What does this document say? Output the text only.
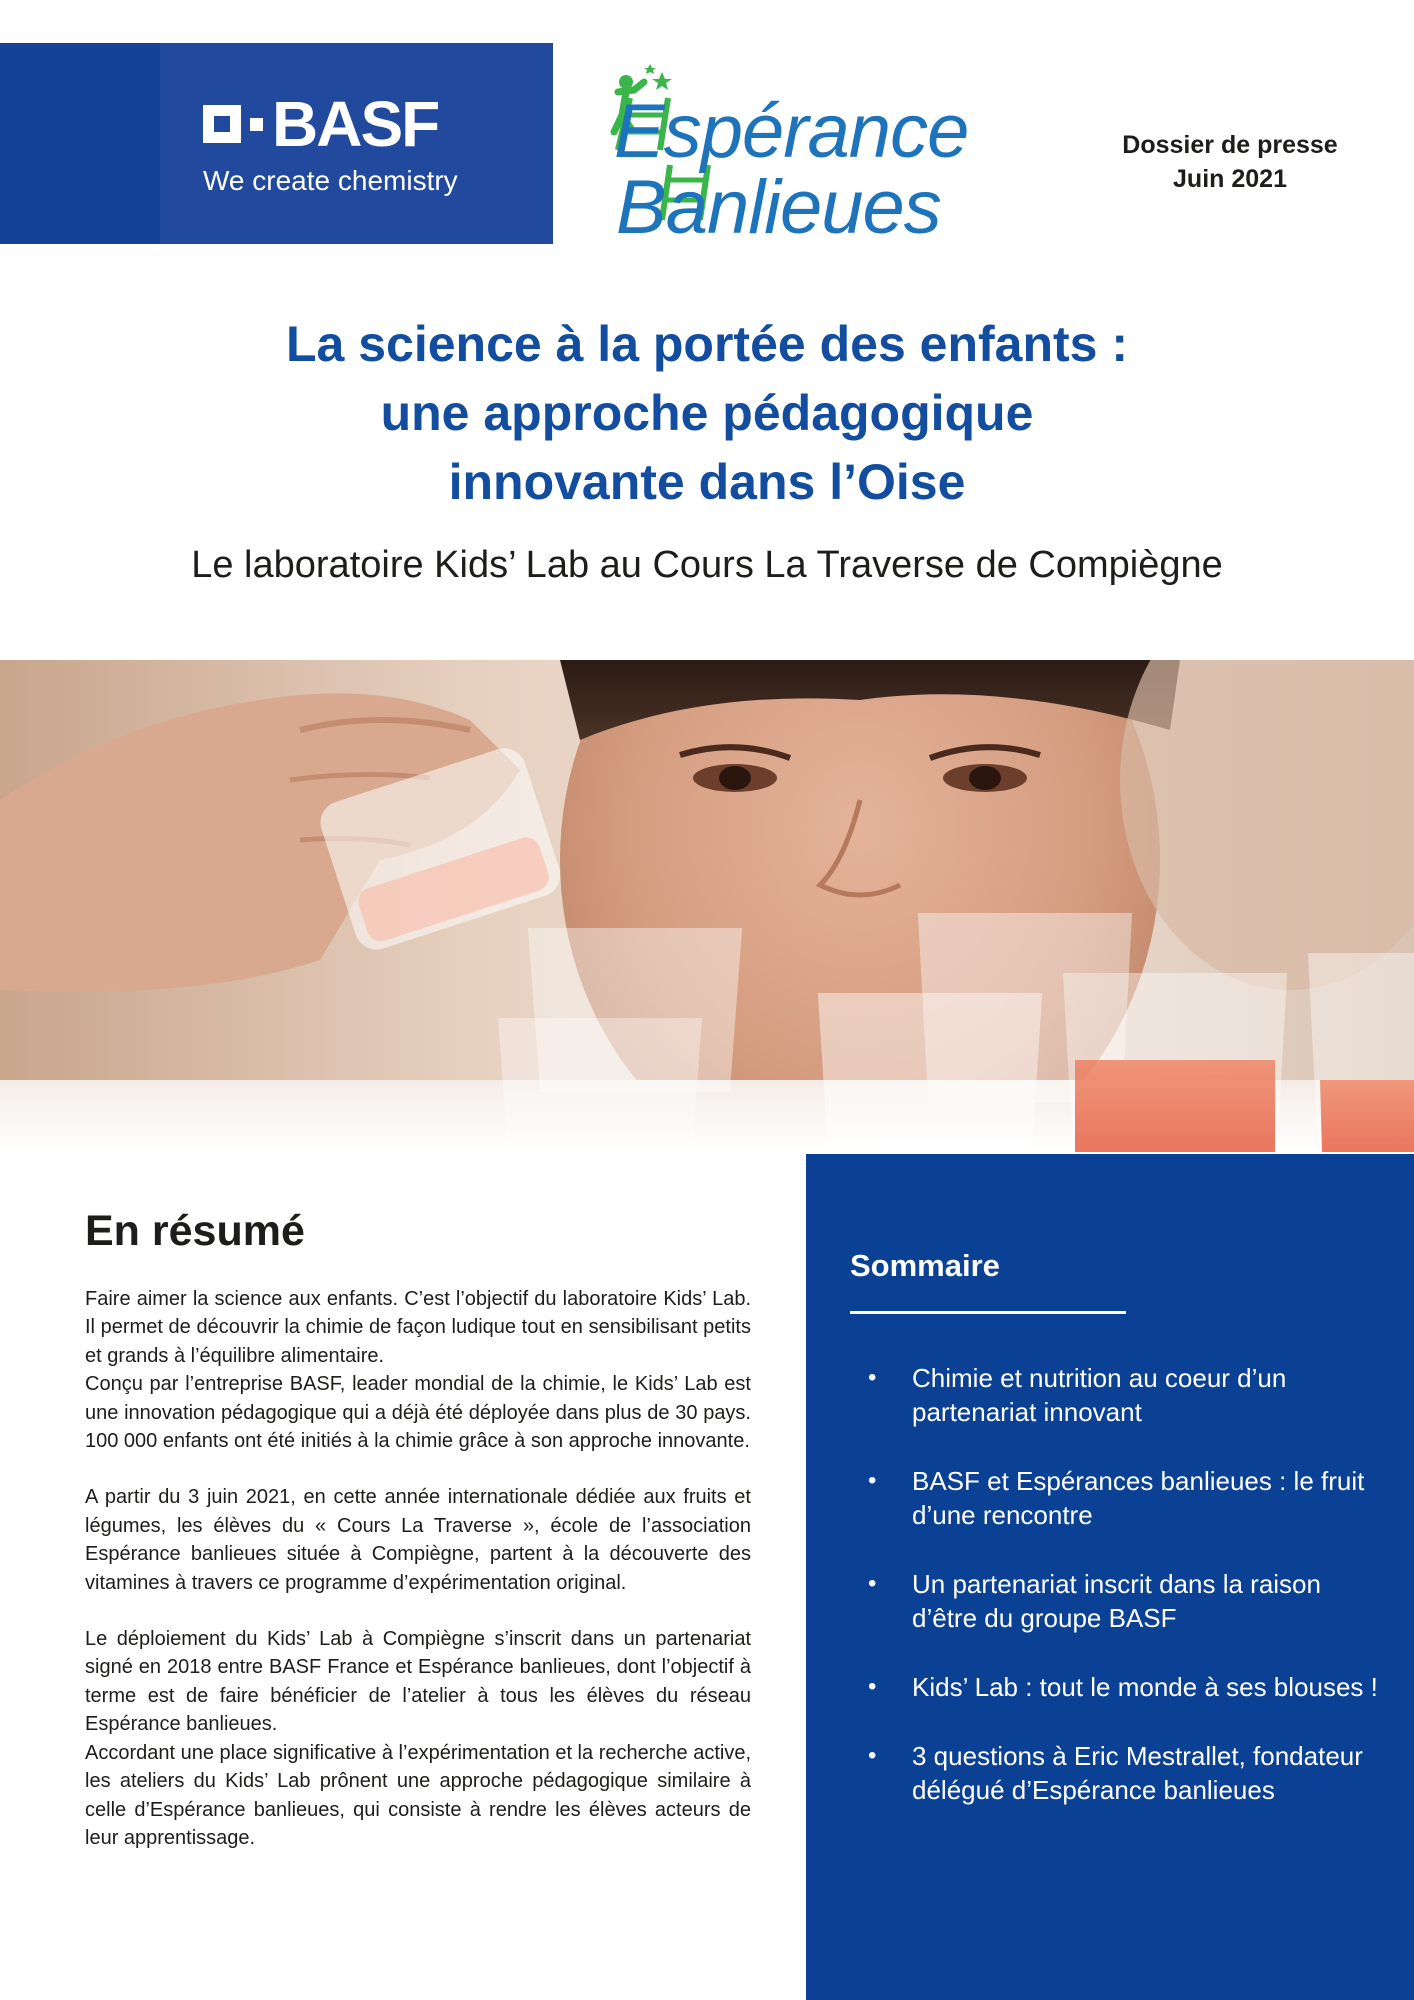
BASF
We create chemistry
Espérance
Banlieues
Dossier de presse
Juin 2021
La science à la portée des enfants :
une approche pédagogique
innovante dans l’Oise
Le laboratoire Kids’ Lab au Cours La Traverse de Compiègne
En résumé

Faire aimer la science aux enfants. C’est l’objectif du laboratoire Kids’ Lab. Il permet de découvrir la chimie de façon ludique tout en sensibilisant petits et grands à l’équilibre alimentaire.

Conçu par l’entreprise BASF, leader mondial de la chimie, le Kids’ Lab est une innovation pédagogique qui a déjà été déployée dans plus de 30 pays. 100 000 enfants ont été initiés à la chimie grâce à son approche innovante.

A partir du 3 juin 2021, en cette année internationale dédiée aux fruits et légumes, les élèves du « Cours La Traverse », école de l’association Espérance banlieues située à Compiègne, partent à la découverte des vitamines à travers ce programme d’expérimentation original.

Le déploiement du Kids’ Lab à Compiègne s’inscrit dans un partenariat signé en 2018 entre BASF France et Espérance banlieues, dont l’objectif à terme est de faire bénéficier de l’atelier à tous les élèves du réseau Espérance banlieues.

Accordant une place significative à l’expérimentation et la recherche active, les ateliers du Kids’ Lab prônent une approche pédagogique similaire à celle d’Espérance banlieues, qui consiste à rendre les élèves acteurs de leur apprentissage.

Sommaire
• Chimie et nutrition au coeur d’un partenariat innovant
• BASF et Espérances banlieues : le fruit d’une rencontre
• Un partenariat inscrit dans la raison d’être du groupe BASF
• Kids’ Lab : tout le monde à ses blouses !
• 3 questions à Eric Mestrallet, fondateur délégué d’Espérance banlieues
